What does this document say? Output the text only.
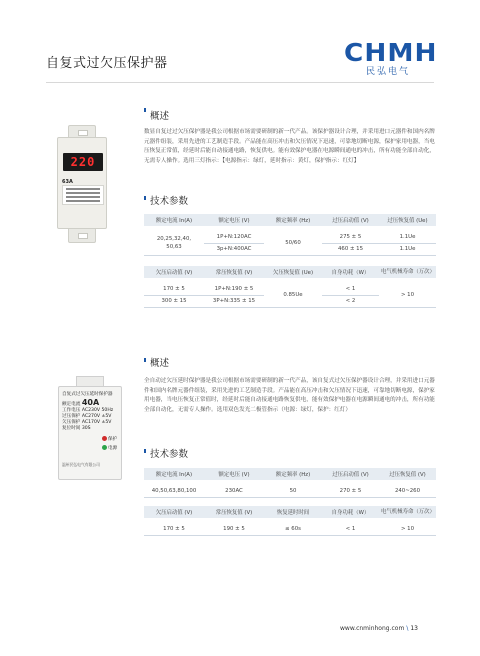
自复式过欠压保护器	CHMH
民弘电气
220
63A
概述
数显自复过过欠压保护器是我公司根据市场需要研制的新一代产品。该保护器设计合理，并采用进口元器件和国内名牌元器件组装，采用先进的工艺制造手段。产品能在高压冲击和欠压情况下迅速，可靠地切断电源，保护家用电器，当电压恢复正常值，经延时后能自动接通电路，恢复供电。能有效保护电器在电源瞬间通电的冲击，所有功能全部自动化，无需专人操作。选用三灯指示：【电源指示：绿灯，延时指示：黄灯，保护指示：红灯】
技术参数
额定电流 In(A)	额定电压 (V)	额定频率 (Hz)	过压启动值 (V)	过压恢复值 (Ue)

20,25,32,40,
50,63	1P+N:120AC	50/60	275 ± 5	1.1Ue
	3p+N:400AC		460 ± 15	1.1Ue
欠压启动值 (V)	常压恢复值 (V)	欠压恢复值 (Ue)	自身功耗（W）	电气机械寿命（万次）

170 ± 5	1P+N:190 ± 5	0.85Ue	< 1	> 10
300 ± 15	3P+N:335 ± 15		< 2	
自复式过欠压延时保护器
额定电流 40A
工作电压 AC230V 50Hz
过压保护 AC270V ±5V
欠压保护 AC170V ±5V
复位时间 30S
保护
电源
温州民弘电气有限公司
概述
全自动过欠压延时保护器是我公司根据市场需要研制的新一代产品，该自复式过欠压保护器设计合理，并采用进口元器件和国内名牌元器件组装，采用先进的工艺制造手段。产品能在高压冲击和欠压情况下迅速，可靠地切断电源，保护家用电器，当电压恢复正常值时，经延时后能自动接通电路恢复供电，能有效保护电器在电源瞬间通电的冲击，所有功能全部自动化，无需专人操作。选用双色发光二极管指示（电源：绿灯，保护：红灯）
技术参数
额定电流 In(A)	额定电压 (V)	额定频率 (Hz)	过压启动值 (V)	过压恢复值 (V)

40,50,63,80,100	230AC	50	270 ± 5	240~260
欠压启动值 (V)	常压恢复值 (V)	恢复延时时间	自身功耗（W）	电气机械寿命（万次）

170 ± 5	190 ± 5	≤ 60s	< 1	> 10
www.cnminhong.com \ 13
